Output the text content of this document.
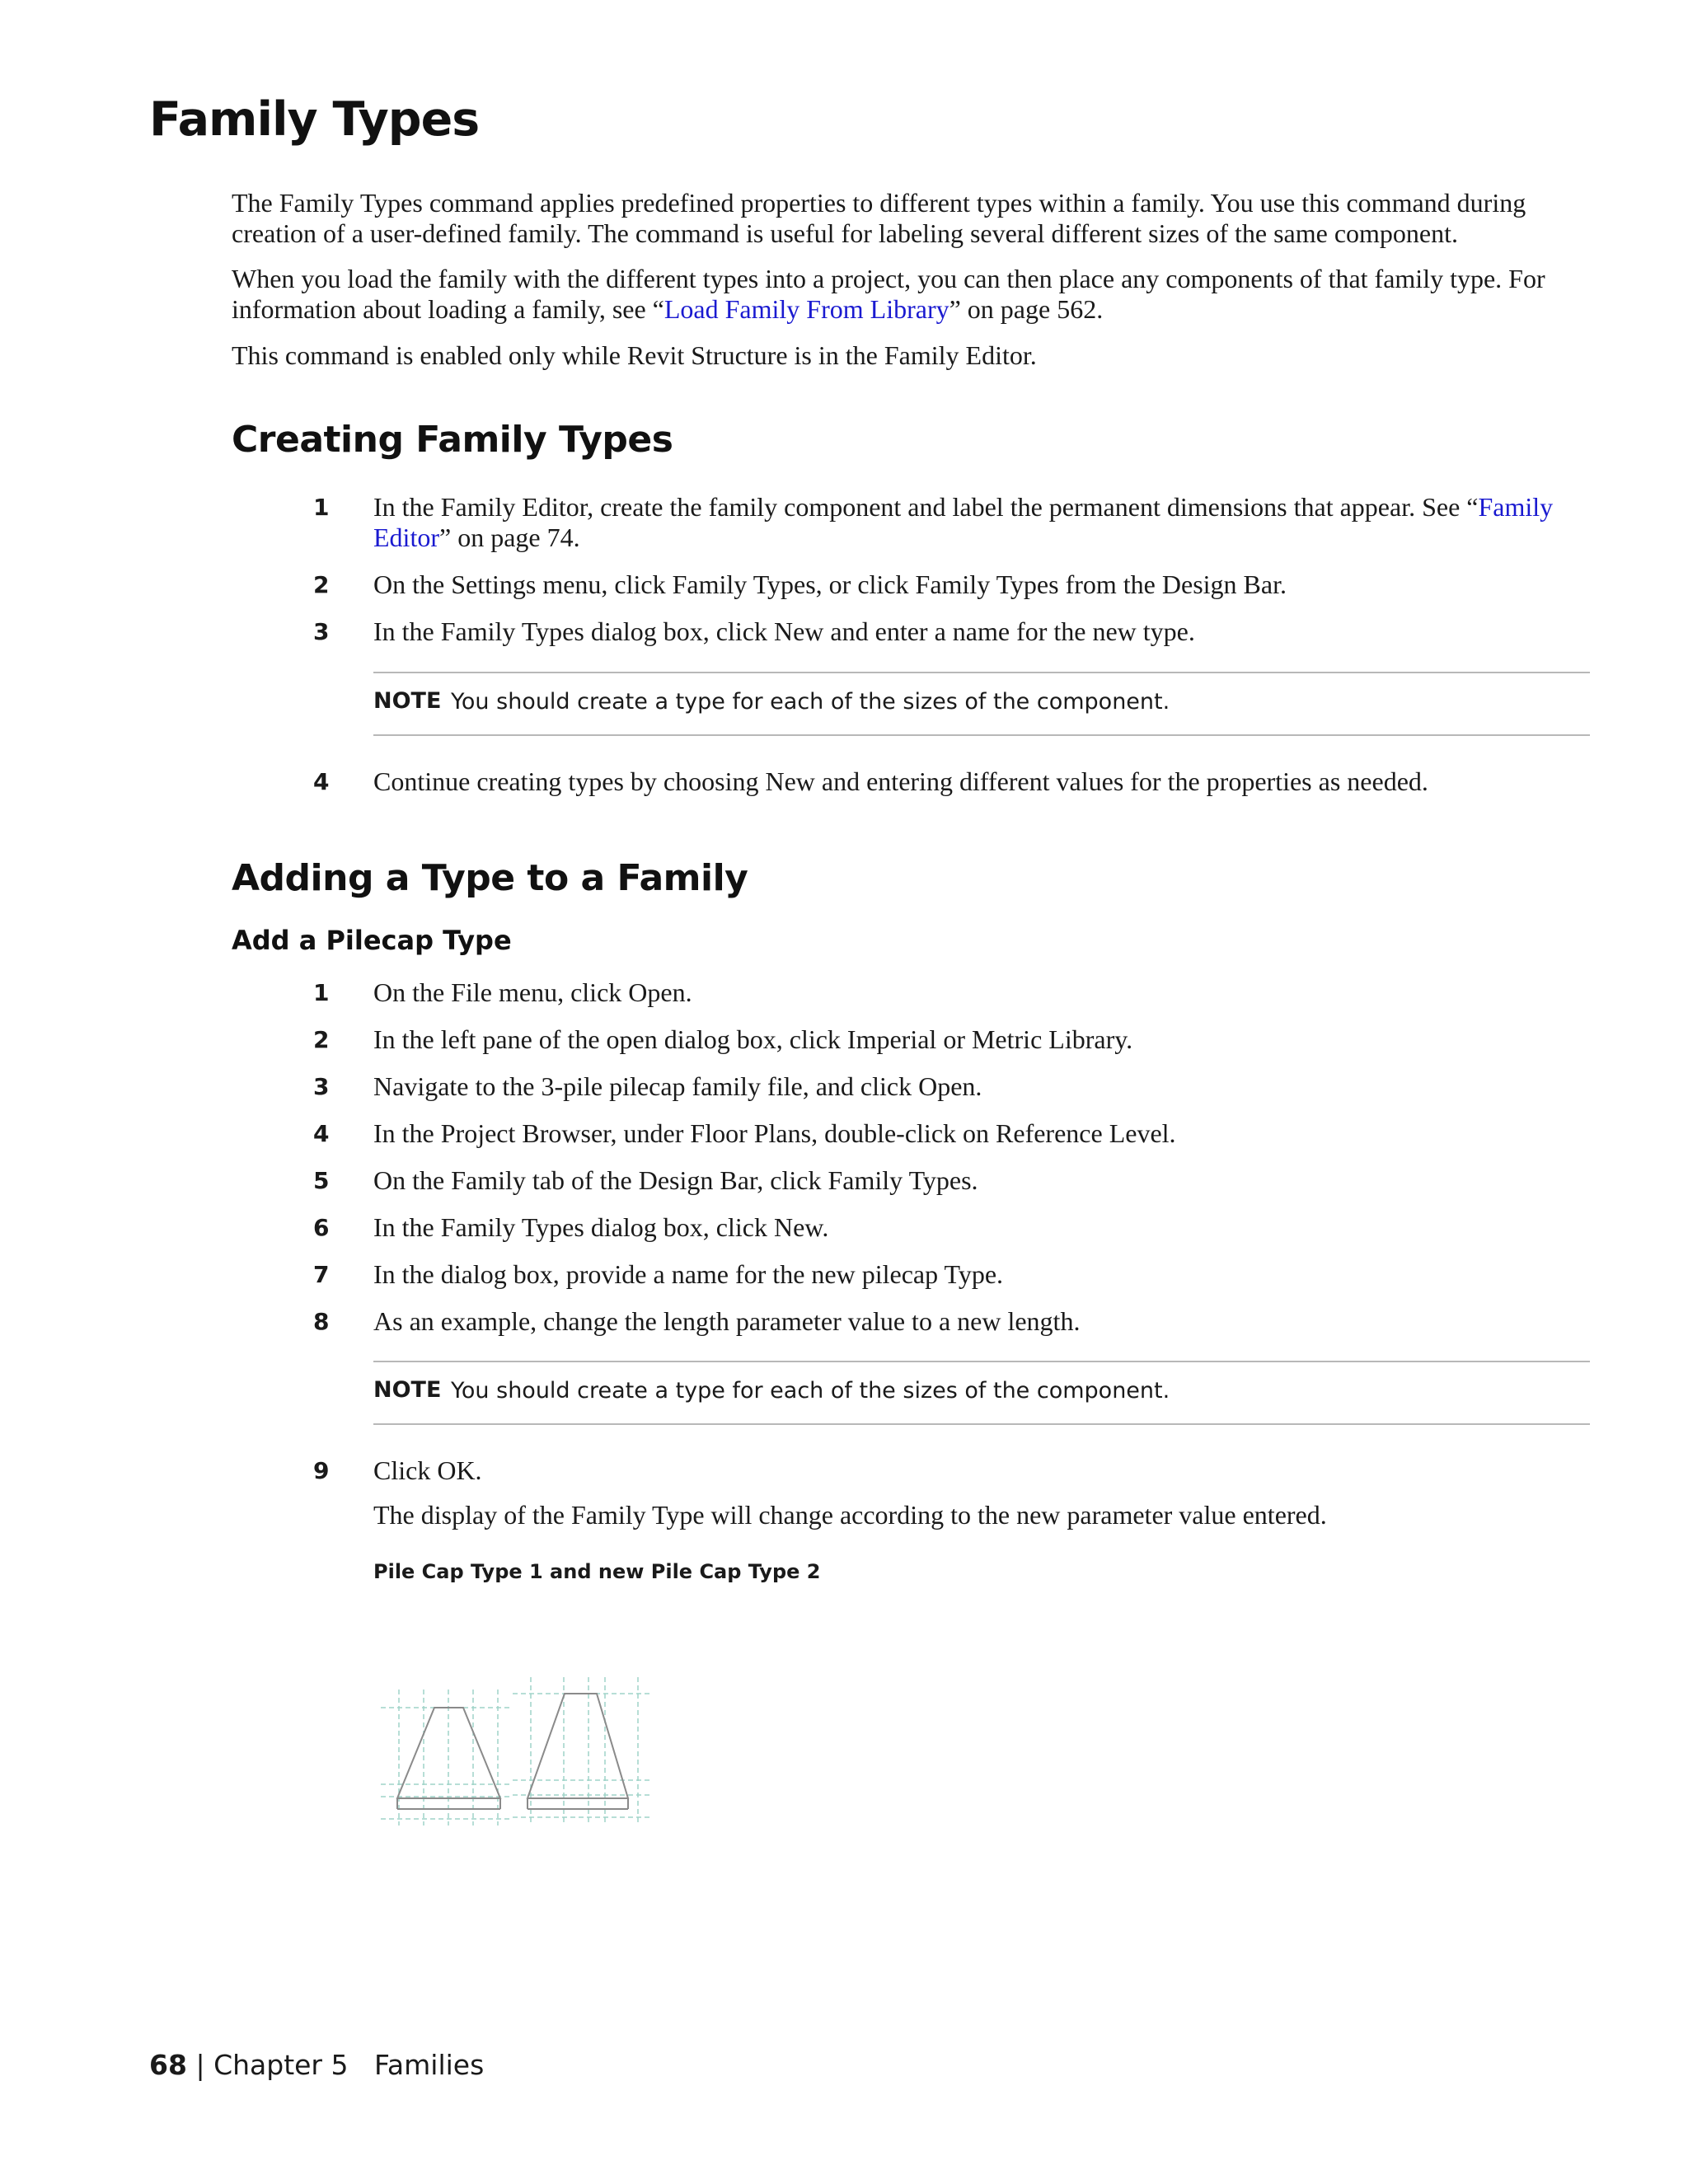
Family Types

The Family Types command applies predefined properties to different types within a family. You use this command during creation of a user-defined family. The command is useful for labeling several different sizes of the same component.

When you load the family with the different types into a project, you can then place any components of that family type. For information about loading a family, see “Load Family From Library” on page 562.

This command is enabled only while Revit Structure is in the Family Editor.

Creating Family Types
1 In the Family Editor, create the family component and label the permanent dimensions that appear. See “Family Editor” on page 74.
2 On the Settings menu, click Family Types, or click Family Types from the Design Bar.
3 In the Family Types dialog box, click New and enter a name for the new type.
NOTE You should create a type for each of the sizes of the component.
4 Continue creating types by choosing New and entering different values for the properties as needed.
Adding a Type to a Family
Add a Pilecap Type
1 On the File menu, click Open.
2 In the left pane of the open dialog box, click Imperial or Metric Library.
3 Navigate to the 3-pile pilecap family file, and click Open.
4 In the Project Browser, under Floor Plans, double-click on Reference Level.
5 On the Family tab of the Design Bar, click Family Types.
6 In the Family Types dialog box, click New.
7 In the dialog box, provide a name for the new pilecap Type.
8 As an example, change the length parameter value to a new length.
NOTE You should create a type for each of the sizes of the component.
9 Click OK.

The display of the Family Type will change according to the new parameter value entered.

Pile Cap Type 1 and new Pile Cap Type 2
68 | Chapter 5 Families
